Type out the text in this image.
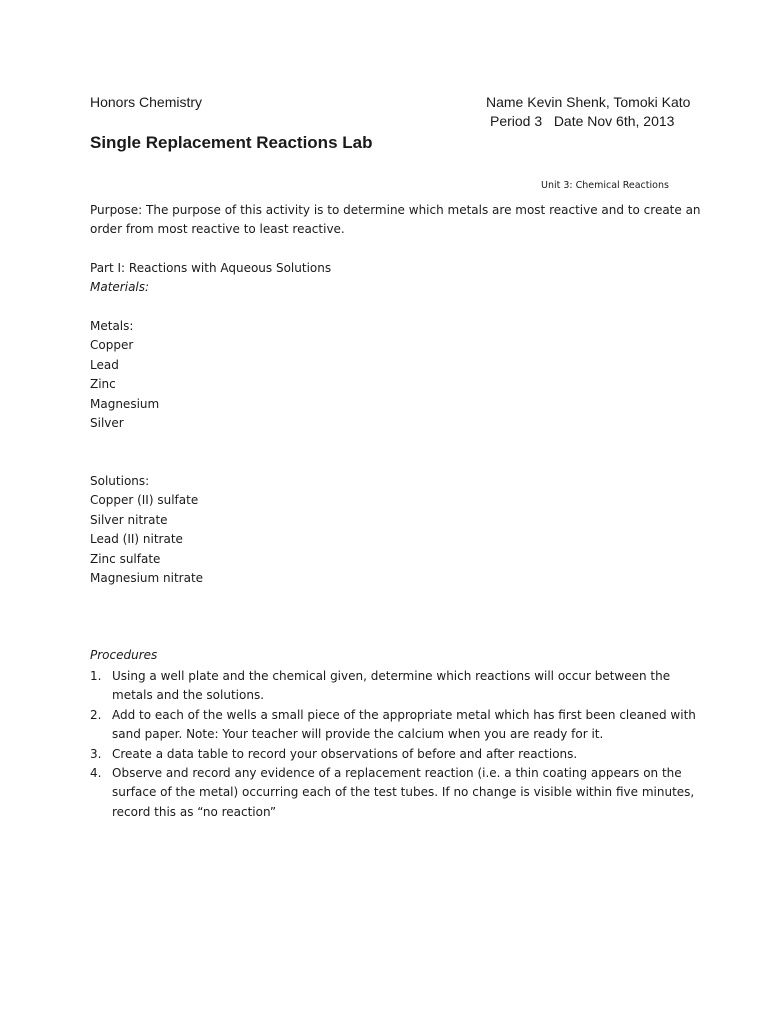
Honors Chemistry	Name Kevin Shenk, Tomoki Kato
Period 3   Date Nov 6th, 2013
Single Replacement Reactions Lab
Unit 3: Chemical Reactions
Purpose: The purpose of this activity is to determine which metals are most reactive and to create an
order from most reactive to least reactive.
Part I: Reactions with Aqueous Solutions
Materials:
Metals:
Copper
Lead
Zinc
Magnesium
Silver
Solutions:
Copper (II) sulfate
Silver nitrate
Lead (II) nitrate
Zinc sulfate
Magnesium nitrate
Procedures
1. Using a well plate and the chemical given, determine which reactions will occur between the
metals and the solutions.
2. Add to each of the wells a small piece of the appropriate metal which has first been cleaned with
sand paper. Note: Your teacher will provide the calcium when you are ready for it.
3. Create a data table to record your observations of before and after reactions.
4. Observe and record any evidence of a replacement reaction (i.e. a thin coating appears on the
surface of the metal) occurring each of the test tubes. If no change is visible within five minutes,
record this as “no reaction”
